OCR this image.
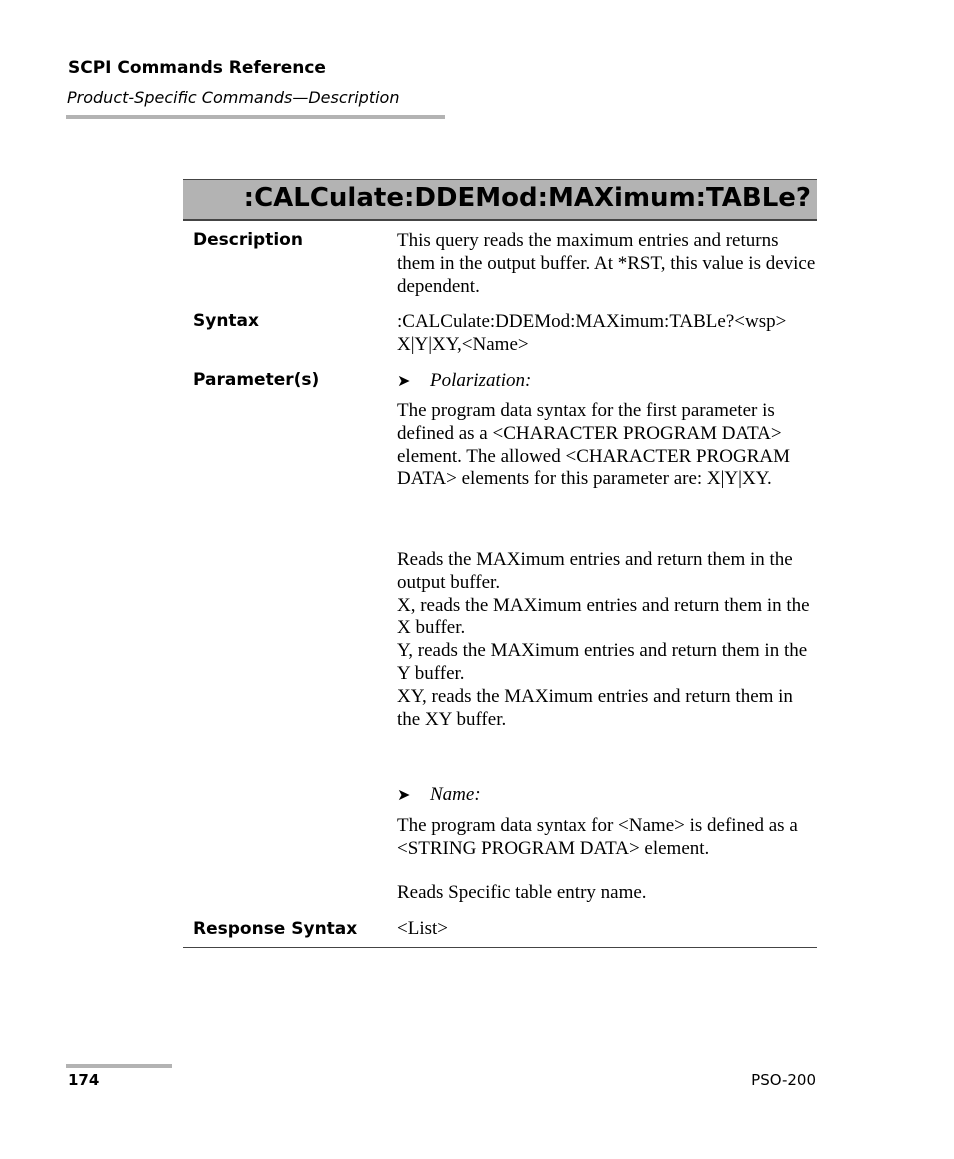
SCPI Commands Reference
Product-Specific Commands—Description
:CALCulate:DDEMod:MAXimum:TABLe?
Description	This query reads the maximum entries and returns them in the output buffer. At *RST, this value is device dependent.
Syntax	:CALCulate:DDEMod:MAXimum:TABLe?<wsp>
X|Y|XY,<Name>
Parameter(s)	➤ Polarization:
The program data syntax for the first parameter is defined as a <CHARACTER PROGRAM DATA> element. The allowed <CHARACTER PROGRAM DATA> elements for this parameter are: X|Y|XY.
Reads the MAXimum entries and return them in the output buffer.
X, reads the MAXimum entries and return them in the X buffer.
Y, reads the MAXimum entries and return them in the Y buffer.
XY, reads the MAXimum entries and return them in the XY buffer.
➤ Name:
The program data syntax for <Name> is defined as a <STRING PROGRAM DATA> element.
Reads Specific table entry name.
Response Syntax <List>
174	PSO-200
